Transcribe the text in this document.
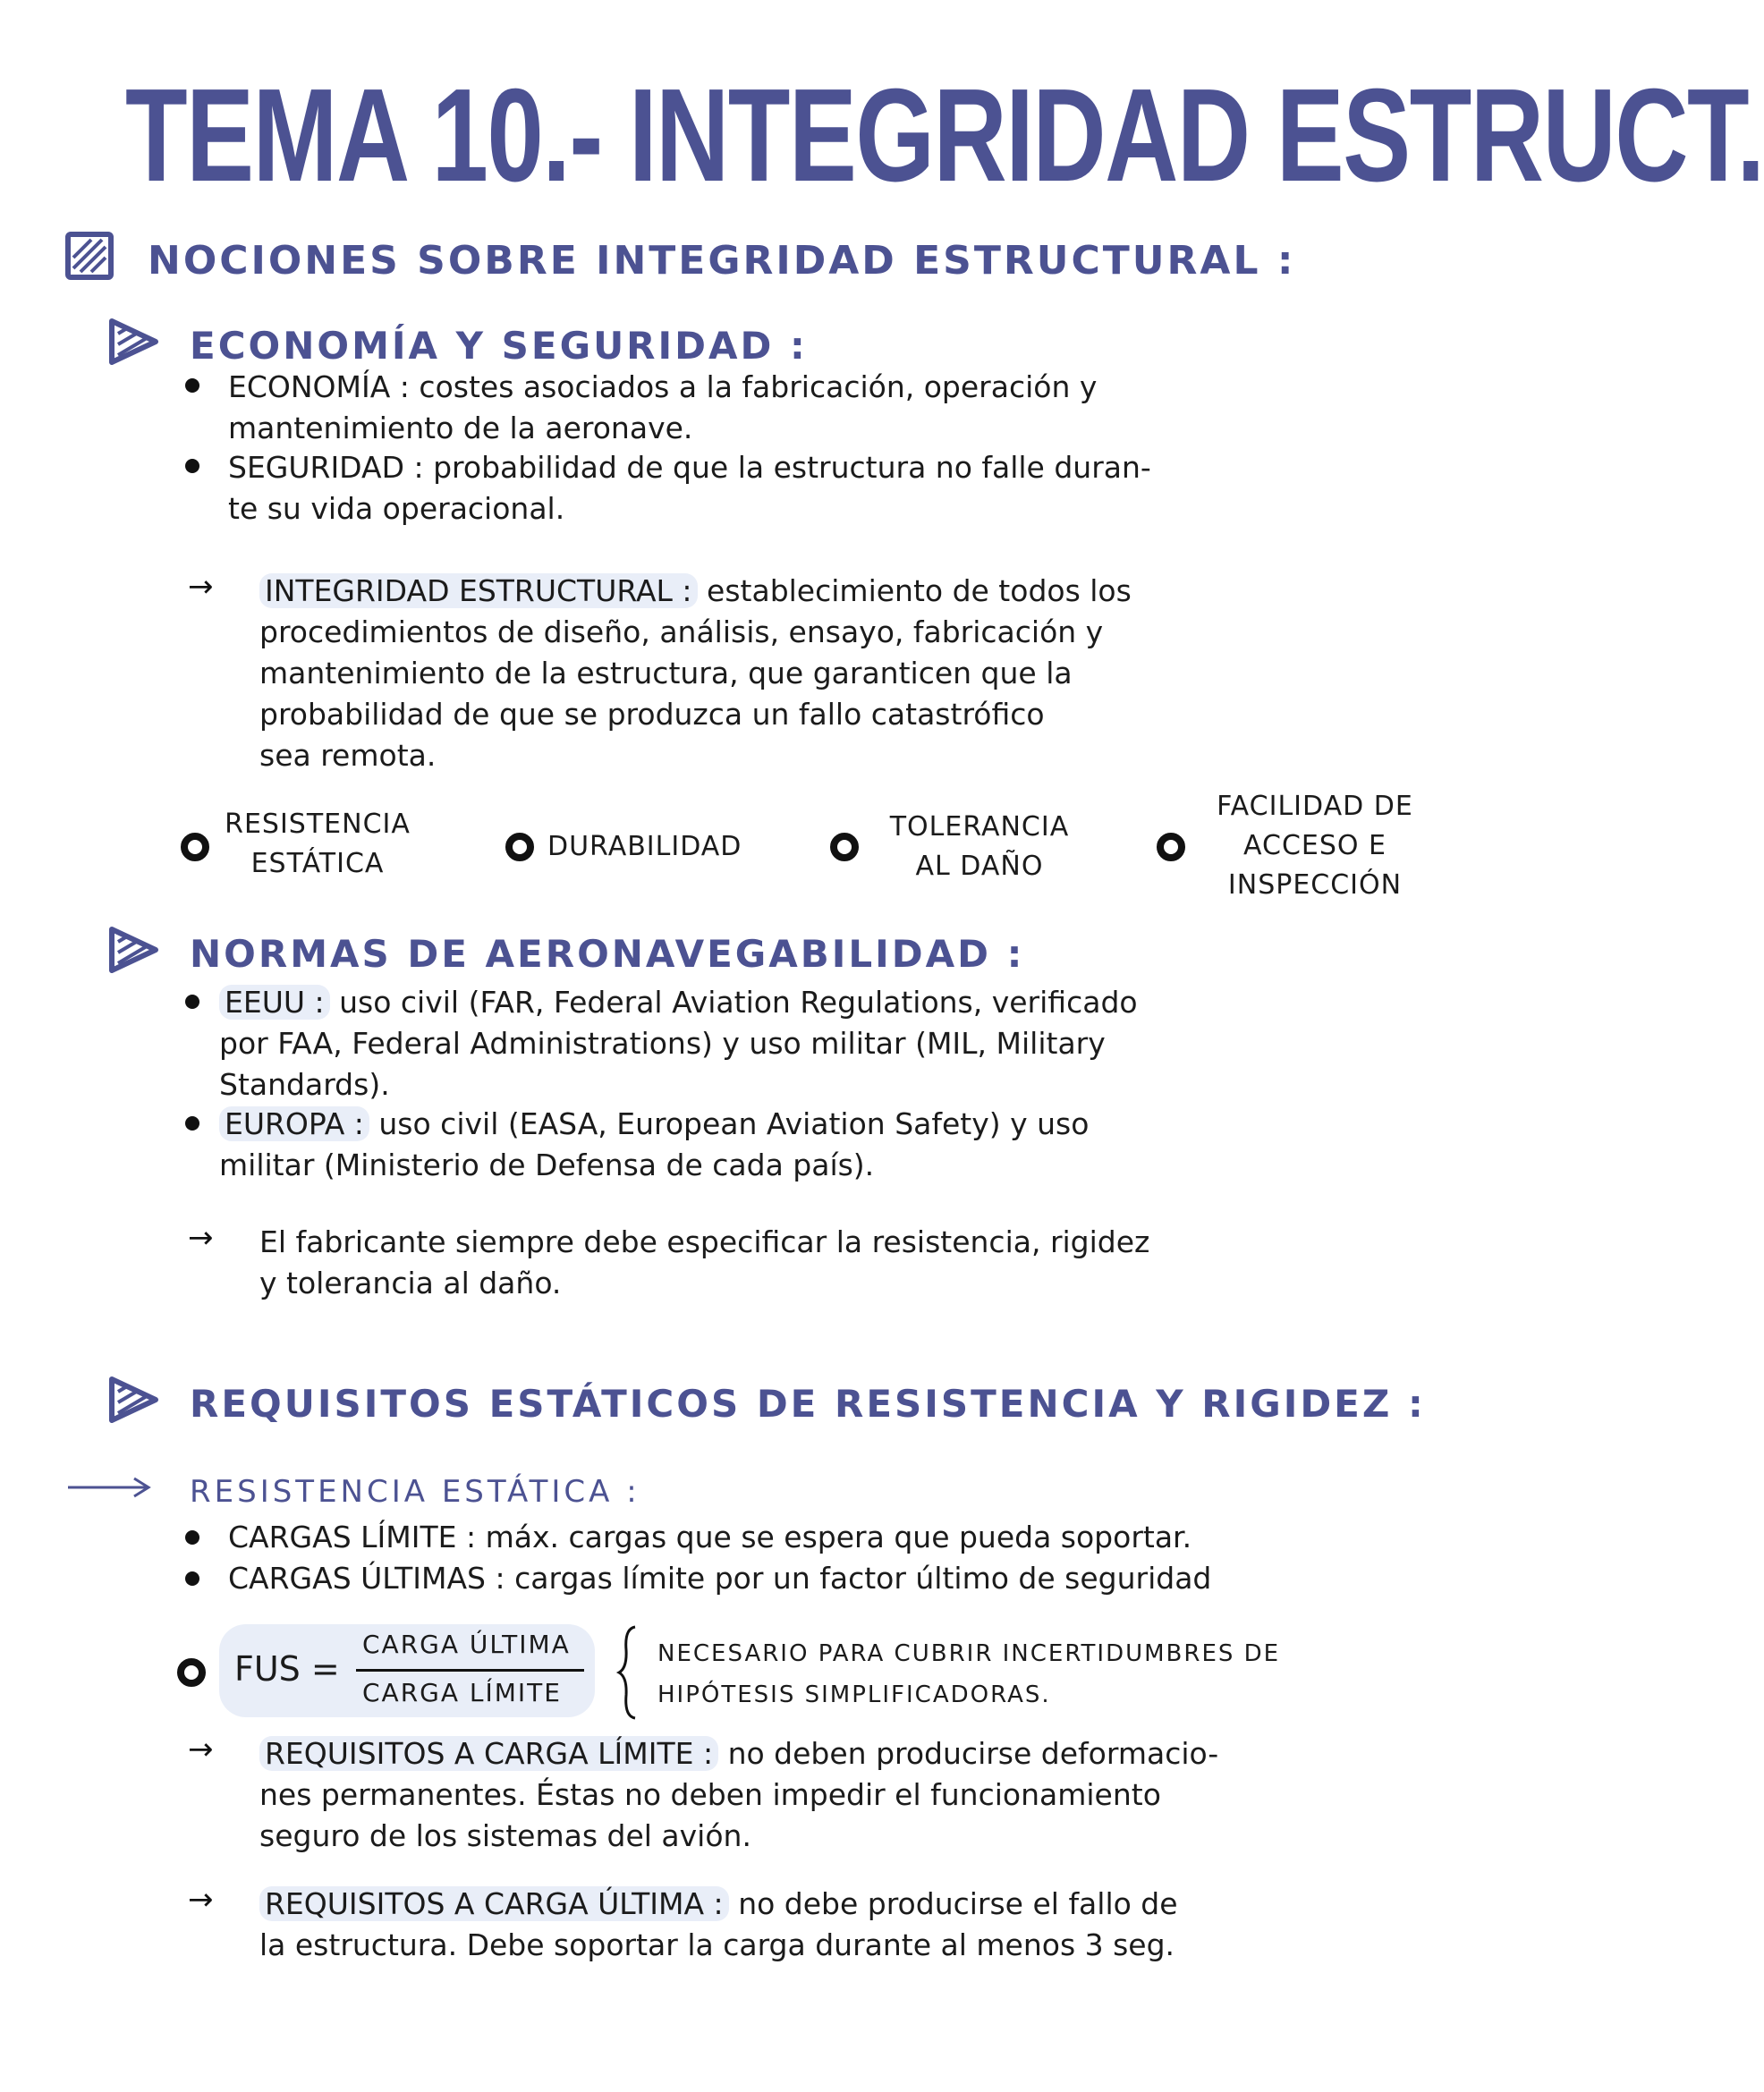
TEMA 10.- INTEGRIDAD ESTRUCT.
NOCIONES SOBRE INTEGRIDAD ESTRUCTURAL :
ECONOMÍA Y SEGURIDAD :
ECONOMÍA : costes asociados a la fabricación, operación y
mantenimiento de la aeronave.
SEGURIDAD : probabilidad de que la estructura no falle duran-
te su vida operacional.
→ INTEGRIDAD ESTRUCTURAL : establecimiento de todos los
procedimientos de diseño, análisis, ensayo, fabricación y
mantenimiento de la estructura, que garanticen que la
probabilidad de que se produzca un fallo catastrófico
sea remota.
RESISTENCIA
ESTÁTICA
DURABILIDAD
TOLERANCIA
AL DAÑO
FACILIDAD DE
ACCESO E
INSPECCIÓN
NORMAS DE AERONAVEGABILIDAD :
EEUU : uso civil (FAR, Federal Aviation Regulations, verificado
por FAA, Federal Administrations) y uso militar (MIL, Military
Standards).
EUROPA : uso civil (EASA, European Aviation Safety) y uso
militar (Ministerio de Defensa de cada país).
→ El fabricante siempre debe especificar la resistencia, rigidez
y tolerancia al daño.
REQUISITOS ESTÁTICOS DE RESISTENCIA Y RIGIDEZ :
RESISTENCIA ESTÁTICA :
CARGAS LÍMITE : máx. cargas que se espera que pueda soportar.
CARGAS ÚLTIMAS : cargas límite por un factor último de seguridad
FUS =
CARGA ÚLTIMA
CARGA LÍMITE
NECESARIO PARA CUBRIR INCERTIDUMBRES DE
HIPÓTESIS SIMPLIFICADORAS.
→ REQUISITOS A CARGA LÍMITE : no deben producirse deformacio-
nes permanentes. Éstas no deben impedir el funcionamiento
seguro de los sistemas del avión.
→ REQUISITOS A CARGA ÚLTIMA : no debe producirse el fallo de
la estructura. Debe soportar la carga durante al menos 3 seg.
